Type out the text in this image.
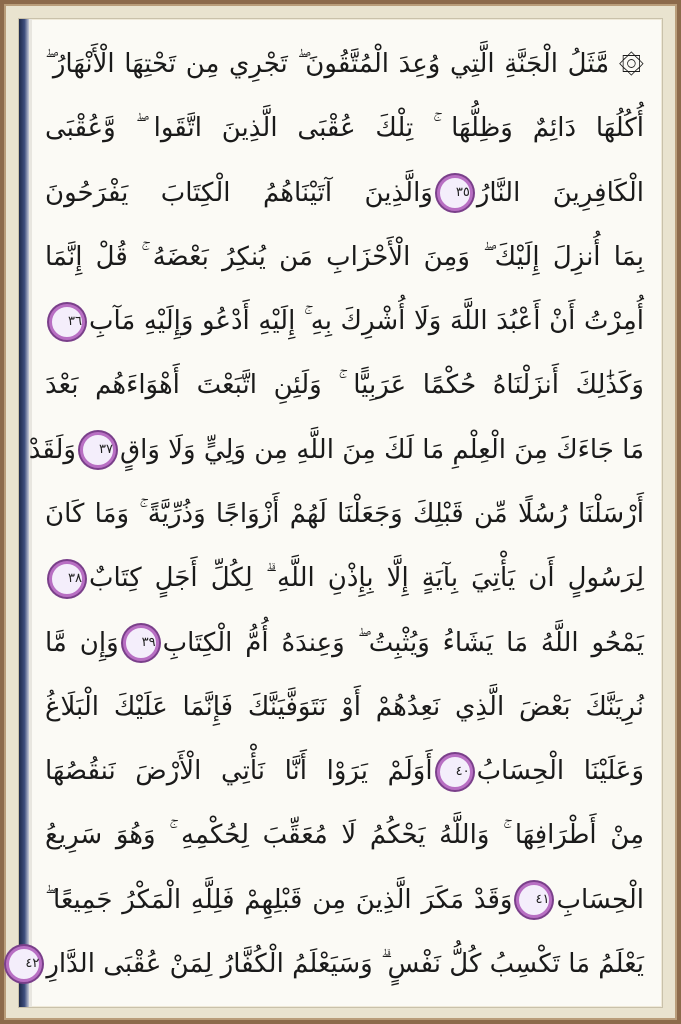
۞ مَّثَلُ الْجَنَّةِ الَّتِي وُعِدَ الْمُتَّقُونَ ۖ تَجْرِي مِن تَحْتِهَا الْأَنْهَارُ ۖ
أُكُلُهَا دَائِمٌ وَظِلُّهَا ۚ تِلْكَ عُقْبَى الَّذِينَ اتَّقَوا ۖ وَّعُقْبَى
الْكَافِرِينَ النَّارُ٣٥وَالَّذِينَ آتَيْنَاهُمُ الْكِتَابَ يَفْرَحُونَ
بِمَا أُنزِلَ إِلَيْكَ ۖ وَمِنَ الْأَحْزَابِ مَن يُنكِرُ بَعْضَهُ ۚ قُلْ إِنَّمَا
أُمِرْتُ أَنْ أَعْبُدَ اللَّهَ وَلَا أُشْرِكَ بِهِ ۚ إِلَيْهِ أَدْعُو وَإِلَيْهِ مَآبِ٣٦
وَكَذَٰلِكَ أَنزَلْنَاهُ حُكْمًا عَرَبِيًّا ۚ وَلَئِنِ اتَّبَعْتَ أَهْوَاءَهُم بَعْدَ
مَا جَاءَكَ مِنَ الْعِلْمِ مَا لَكَ مِنَ اللَّهِ مِن وَلِيٍّ وَلَا وَاقٍ٣٧وَلَقَدْ
أَرْسَلْنَا رُسُلًا مِّن قَبْلِكَ وَجَعَلْنَا لَهُمْ أَزْوَاجًا وَذُرِّيَّةً ۚ وَمَا كَانَ
لِرَسُولٍ أَن يَأْتِيَ بِآيَةٍ إِلَّا بِإِذْنِ اللَّهِ ۗ لِكُلِّ أَجَلٍ كِتَابٌ٣٨
يَمْحُو اللَّهُ مَا يَشَاءُ وَيُثْبِتُ ۖ وَعِندَهُ أُمُّ الْكِتَابِ٣٩وَإِن مَّا
نُرِيَنَّكَ بَعْضَ الَّذِي نَعِدُهُمْ أَوْ نَتَوَفَّيَنَّكَ فَإِنَّمَا عَلَيْكَ الْبَلَاغُ
وَعَلَيْنَا الْحِسَابُ٤٠أَوَلَمْ يَرَوْا أَنَّا نَأْتِي الْأَرْضَ نَنقُصُهَا
مِنْ أَطْرَافِهَا ۚ وَاللَّهُ يَحْكُمُ لَا مُعَقِّبَ لِحُكْمِهِ ۚ وَهُوَ سَرِيعُ
الْحِسَابِ٤١وَقَدْ مَكَرَ الَّذِينَ مِن قَبْلِهِمْ فَلِلَّهِ الْمَكْرُ جَمِيعًا ۖ
يَعْلَمُ مَا تَكْسِبُ كُلُّ نَفْسٍ ۗ وَسَيَعْلَمُ الْكُفَّارُ لِمَنْ عُقْبَى الدَّارِ٤٢
